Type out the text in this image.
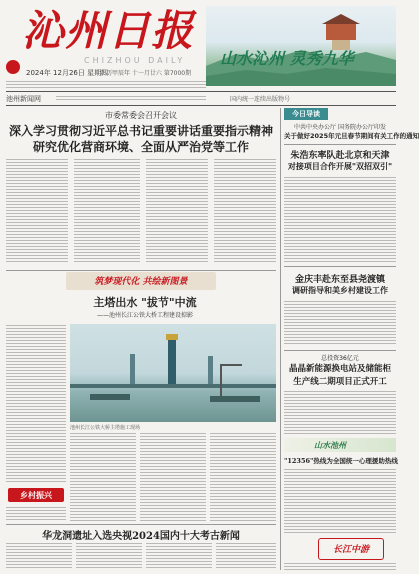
沁州日报
CHIZHOU DAILY
2024年 12月26日 星期四
农历甲辰年 十一月廿六 第7000期
山水沁州 灵秀九华
池州新闻网	国内统一连续出版物号
市委常委会召开会议
深入学习贯彻习近平总书记重要讲话重要指示精神
研究优化营商环境、全面从严治党等工作
筑梦现代化 共绘新图景
主塔出水 "拔节"中流
——池州长江公铁大桥工程建设掠影
池州长江公铁大桥主塔施工现场
乡村振兴
华龙洞遗址入选央视2024国内十大考古新闻
今日导读
中共中央办公厅 国务院办公厅印发
关于做好2025年元旦春节期间有关工作的通知
朱浩东率队赴北京和天津
对接项目合作开展"双招双引"
金庆丰赴东至县尧渡镇
调研指导和美乡村建设工作
总投资36亿元
晶晶新能源换电站及储能柜
生产线二期项目正式开工
山水池州
"12356"热线为全国统一心理援助热线
长江中游
